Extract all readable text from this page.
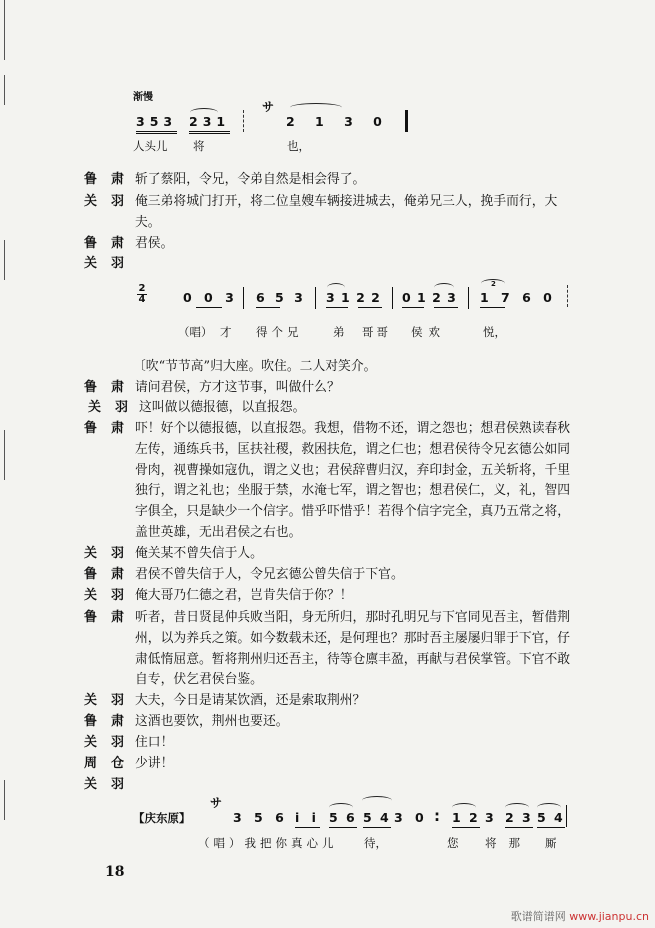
渐慢
353 231
サ
2 1 3 0
人头儿 将	也，
鲁 肃 斩了蔡阳，令兄，令弟自然是相会得了。
关 羽 俺三弟将城门打开，将二位皇嫂车辆接进城去，俺弟兄三人，挽手而行，大
夫。
鲁 肃 君侯。
关 羽
2
4	0 0 3 6 5 3 3 1 2 2 0 1 2 3
2
1 7 6 0
（唱） 才 得个兄	弟 哥哥 侯欢	悦，
〔吹“节节高”归大座。吹住。二人对笑介。
鲁 肃 请问君侯，方才这节事，叫做什么？
关 羽 这叫做以德报德，以直报怨。
鲁 肃 吓！好个以德报德，以直报怨。我想，借物不还，谓之怨也；想君侯熟读春秋
左传，通练兵书，匡扶社稷，救困扶危，谓之仁也；想君侯待令兄玄德公如同
骨肉，视曹操如寇仇，谓之义也；君侯辞曹归汉，弃印封金，五关斩将，千里
独行，谓之礼也；坐服于禁，水淹七军，谓之智也；想君侯仁，义，礼，智四
字俱全，只是缺少一个信字。惜乎吓惜乎！若得个信字完全，真乃五常之将，
盖世英雄，无出君侯之右也。
关 羽 俺关某不曾失信于人。
鲁 肃 君侯不曾失信于人，令兄玄德公曾失信于下官。
关 羽 俺大哥乃仁德之君，岂肯失信于你？！
鲁 肃 听者，昔日贤昆仲兵败当阳，身无所归，那时孔明兄与下官同见吾主，暂借荆
州，以为养兵之策。如今数载未还，是何理也？那时吾主屡屡归罪于下官，仔
肃低惰屈意。暂将荆州归还吾主，待等仓廪丰盈，再献与君侯掌管。下官不敢
自专，伏乞君侯台鉴。
关 羽 大夫，今日是请某饮酒，还是索取荆州？
鲁 肃 这酒也要饮，荆州也要还。
关 羽 住口！
周 仓 少讲！
关 羽
【庆东原】
サ
3 5 6 i i 5 6 5 4 3 0 : 1 2 3 2 3 5 4
（唱）我把你真心儿 待，	您 将那 厮
18
歌谱简谱网 www.jianpu.cn
